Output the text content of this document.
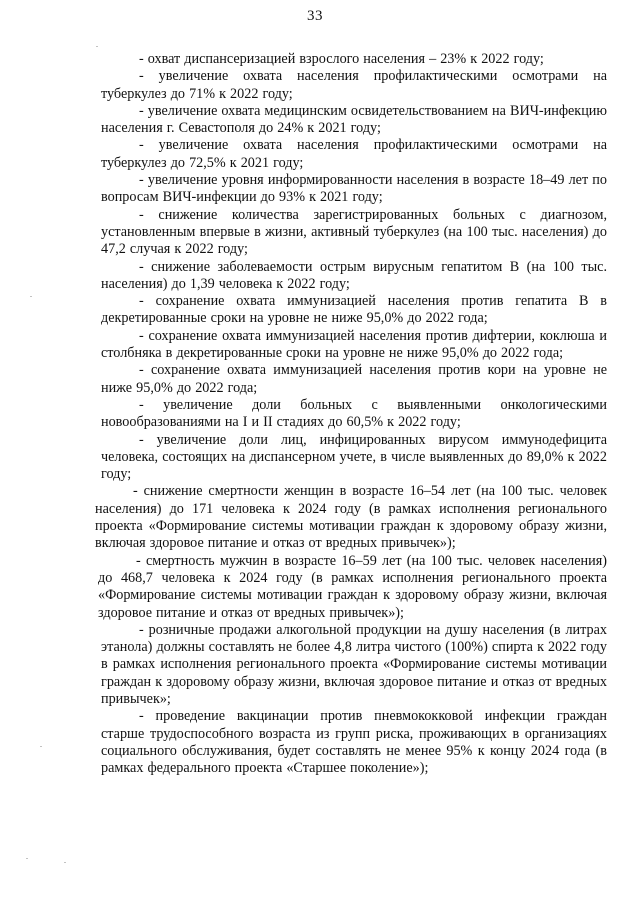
33

- охват диспансеризацией взрослого населения – 23% к 2022 году;

- увеличение охвата населения профилактическими осмотрами на туберкулез до 71% к 2022 году;

- увеличение охвата медицинским освидетельствованием на ВИЧ-инфекцию населения г. Севастополя до 24% к 2021 году;

- увеличение охвата населения профилактическими осмотрами на туберкулез до 72,5% к 2021 году;

- увеличение уровня информированности населения в возрасте 18–49 лет по вопросам ВИЧ-инфекции до 93% к 2021 году;

- снижение количества зарегистрированных больных с диагнозом, установленным впервые в жизни, активный туберкулез (на 100 тыс. населения) до 47,2 случая к 2022 году;

- снижение заболеваемости острым вирусным гепатитом В (на 100 тыс. населения) до 1,39 человека к 2022 году;

- сохранение охвата иммунизацией населения против гепатита В в декретированные сроки на уровне не ниже 95,0% до 2022 года;

- сохранение охвата иммунизацией населения против дифтерии, коклюша и столбняка в декретированные сроки на уровне не ниже 95,0% до 2022 года;

- сохранение охвата иммунизацией населения против кори на уровне не ниже 95,0% до 2022 года;

- увеличение доли больных с выявленными онкологическими новообразованиями на I и II стадиях до 60,5% к 2022 году;

- увеличение доли лиц, инфицированных вирусом иммунодефицита человека, состоящих на диспансерном учете, в числе выявленных до 89,0% к 2022 году;

- снижение смертности женщин в возрасте 16–54 лет (на 100 тыс. человек населения) до 171 человека к 2024 году (в рамках исполнения регионального проекта «Формирование системы мотивации граждан к здоровому образу жизни, включая здоровое питание и отказ от вредных привычек»);

- смертность мужчин в возрасте 16–59 лет (на 100 тыс. человек населения) до 468,7 человека к 2024 году (в рамках исполнения регионального проекта «Формирование системы мотивации граждан к здоровому образу жизни, включая здоровое питание и отказ от вредных привычек»);

- розничные продажи алкогольной продукции на душу населения (в литрах этанола) должны составлять не более 4,8 литра чистого (100%) спирта к 2022 году в рамках исполнения регионального проекта «Формирование системы мотивации граждан к здоровому образу жизни, включая здоровое питание и отказ от вредных привычек»;

- проведение вакцинации против пневмококковой инфекции граждан старше трудоспособного возраста из групп риска, проживающих в организациях социального обслуживания, будет составлять не менее 95% к концу 2024 года (в рамках федерального проекта «Старшее поколение»);
